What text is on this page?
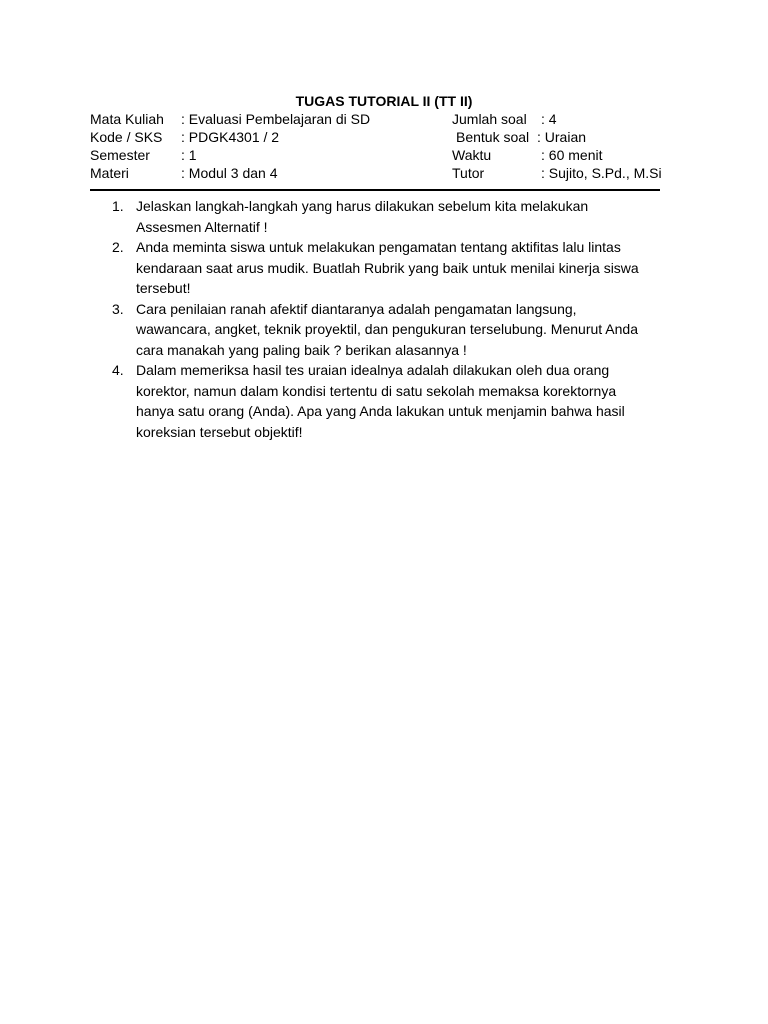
TUGAS TUTORIAL II (TT II)
Mata Kuliah : Evaluasi Pembelajaran di SD	Jumlah soal : 4
Kode / SKS : PDGK4301 / 2	Bentuk soal : Uraian
Semester : 1	Waktu	: 60 menit
Materi	: Modul 3 dan 4	Tutor	: Sujito, S.Pd., M.Si
1. Jelaskan langkah-langkah yang harus dilakukan sebelum kita melakukan
Assesmen Alternatif !
2. Anda meminta siswa untuk melakukan pengamatan tentang aktifitas lalu lintas
kendaraan saat arus mudik. Buatlah Rubrik yang baik untuk menilai kinerja siswa
tersebut!
3. Cara penilaian ranah afektif diantaranya adalah pengamatan langsung,
wawancara, angket, teknik proyektil, dan pengukuran terselubung. Menurut Anda
cara manakah yang paling baik ? berikan alasannya !
4. Dalam memeriksa hasil tes uraian idealnya adalah dilakukan oleh dua orang
korektor, namun dalam kondisi tertentu di satu sekolah memaksa korektornya
hanya satu orang (Anda). Apa yang Anda lakukan untuk menjamin bahwa hasil
koreksian tersebut objektif!
